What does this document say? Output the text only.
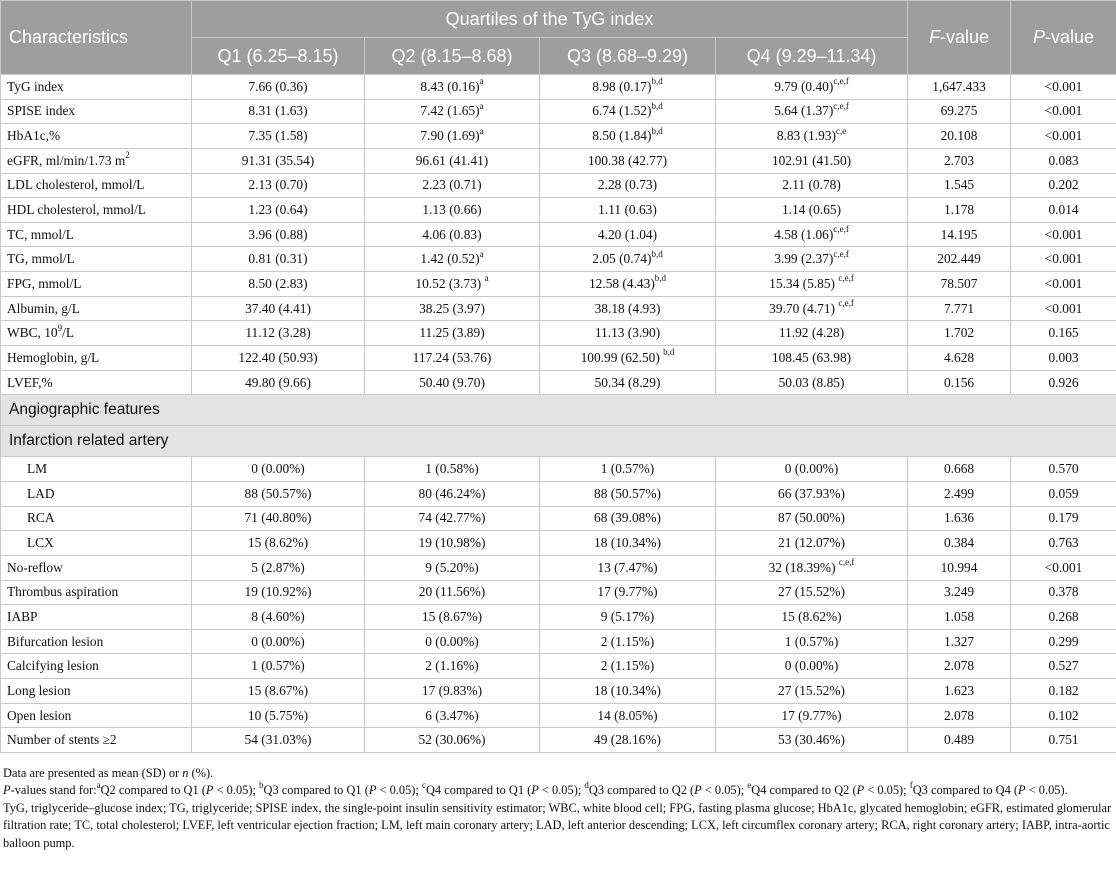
Characteristics	Quartiles of the TyG index				F-value	P-value
	Q1 (6.25–8.15)	Q2 (8.15–8.68)	Q3 (8.68–9.29)	Q4 (9.29–11.34)		
TyG index	7.66 (0.36)	8.43 $(0.16)^a$	8.98 $(0.17)^{b,d}$	9.79 $(0.40)^{c,e,f}$	1,647.433	<0.001
SPISE index	8.31 (1.63)	7.42 $(1.65)^a$	6.74 $(1.52)^{b,d}$	5.64 $(1.37)^{c,e,f}$	69.275	<0.001
HbA1c,%	7.35 (1.58)	7.90 $(1.69)^a$	8.50 $(1.84)^{b,d}$	8.83 $(1.93)^{c,e}$	20.108	<0.001
eGFR, ml/min/1.73 $m^2$	91.31 (35.54)	96.61 (41.41)	100.38 (42.77)	102.91 (41.50)	2.703	0.083
LDL cholesterol, mmol/L	2.13 (0.70)	2.23 (0.71)	2.28 (0.73)	2.11 (0.78)	1.545	0.202
HDL cholesterol, mmol/L	1.23 (0.64)	1.13 (0.66)	1.11 (0.63)	1.14 (0.65)	1.178	0.014
TC, mmol/L	3.96 (0.88)	4.06 (0.83)	4.20 (1.04)	4.58 $(1.06)^{c,e,f}$	14.195	<0.001
TG, mmol/L	0.81 (0.31)	1.42 $(0.52)^a$	2.05 $(0.74)^{b,d}$	3.99 $(2.37)^{c,e,f}$	202.449	<0.001
FPG, mmol/L	8.50 (2.83)	10.52 (3.73) $^a$	12.58 $(4.43)^{b,d}$	15.34 (5.85) $^{c,e,f}$	78.507	<0.001
Albumin, g/L	37.40 (4.41)	38.25 (3.97)	38.18 (4.93)	39.70 (4.71) $^{c,e,f}$	7.771	<0.001
WBC, $10^9/L$	11.12 (3.28)	11.25 (3.89)	11.13 (3.90)	11.92 (4.28)	1.702	0.165
Hemoglobin, g/L	122.40 (50.93)	117.24 (53.76)	100.99 (62.50) $^{b,d}$	108.45 (63.98)	4.628	0.003
LVEF,%	49.80 (9.66)	50.40 (9.70)	50.34 (8.29)	50.03 (8.85)	0.156	0.926
Angiographic features						
Infarction related artery						
LM	0 (0.00%)	1 (0.58%)	1 (0.57%)	0 (0.00%)	0.668	0.570
LAD	88 (50.57%)	80 (46.24%)	88 (50.57%)	66 (37.93%)	2.499	0.059
RCA	71 (40.80%)	74 (42.77%)	68 (39.08%)	87 (50.00%)	1.636	0.179
LCX	15 (8.62%)	19 (10.98%)	18 (10.34%)	21 (12.07%)	0.384	0.763
No-reflow	5 (2.87%)	9 (5.20%)	13 (7.47%)	32 (18.39%) $^{c,e,f}$	10.994	<0.001
Thrombus aspiration	19 (10.92%)	20 (11.56%)	17 (9.77%)	27 (15.52%)	3.249	0.378
IABP	8 (4.60%)	15 (8.67%)	9 (5.17%)	15 (8.62%)	1.058	0.268
Bifurcation lesion	0 (0.00%)	0 (0.00%)	2 (1.15%)	1 (0.57%)	1.327	0.299
Calcifying lesion	1 (0.57%)	2 (1.16%)	2 (1.15%)	0 (0.00%)	2.078	0.527
Long lesion	15 (8.67%)	17 (9.83%)	18 (10.34%)	27 (15.52%)	1.623	0.182
Open lesion	10 (5.75%)	6 (3.47%)	14 (8.05%)	17 (9.77%)	2.078	0.102
Number of stents ≥2	54 (31.03%)	52 (30.06%)	49 (28.16%)	53 (30.46%)	0.489	0.751

Data are presented as mean (SD) or n (%).

P-values stand for:$^a$Q2 compared to Q1 (P < 0.05); $^b$Q3 compared to Q1 (P < 0.05); $^c$Q4 compared to Q1 (P < 0.05); $^d$Q3 compared to Q2 (P < 0.05); $^e$Q4 compared to Q2 (P < 0.05); $^f$Q3 compared to Q4 (P < 0.05).

TyG, triglyceride–glucose index; TG, triglyceride; SPISE index, the single-point insulin sensitivity estimator; WBC, white blood cell; FPG, fasting plasma glucose; HbA1c, glycated hemoglobin; eGFR, estimated glomerular filtration rate; TC, total cholesterol; LVEF, left ventricular ejection fraction; LM, left main coronary artery; LAD, left anterior descending; LCX, left circumflex coronary artery; RCA, right coronary artery; IABP, intra-aortic balloon pump.
